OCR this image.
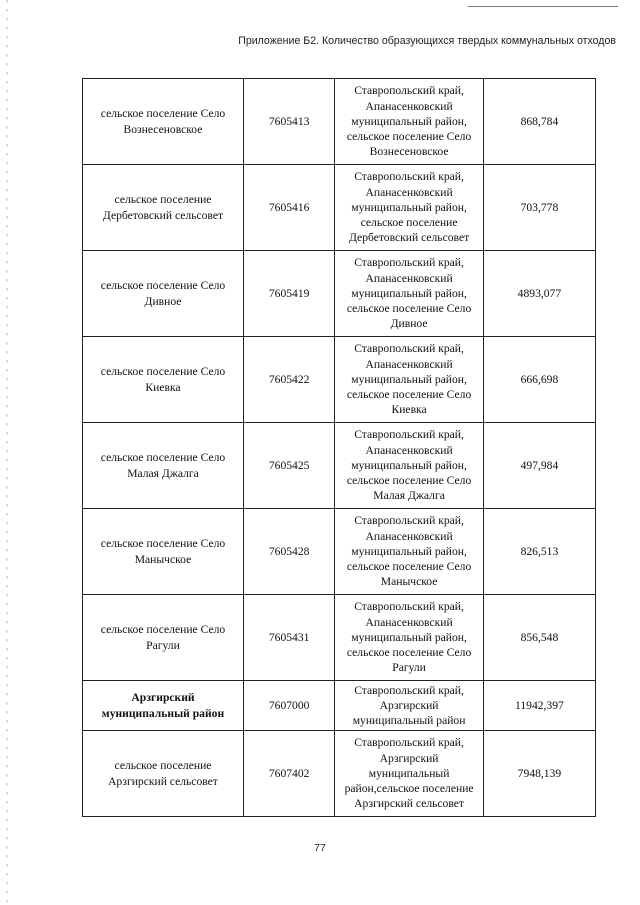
Приложение Б2. Количество образующихся твердых коммунальных отходов
сельское поселение Село Вознесеновское	7605413	Ставропольский край, Апанасенковский муниципальный район, сельское поселение Село Вознесеновское	868,784
сельское поселение Дербетовский сельсовет	7605416	Ставропольский край, Апанасенковский муниципальный район, сельское поселение Дербетовский сельсовет	703,778
сельское поселение Село Дивное	7605419	Ставропольский край, Апанасенковский муниципальный район, сельское поселение Село Дивное	4893,077
сельское поселение Село Киевка	7605422	Ставропольский край, Апанасенковский муниципальный район, сельское поселение Село Киевка	666,698
сельское поселение Село Малая Джалга	7605425	Ставропольский край, Апанасенковский муниципальный район, сельское поселение Село Малая Джалга	497,984
сельское поселение Село Манычское	7605428	Ставропольский край, Апанасенковский муниципальный район, сельское поселение Село Манычское	826,513
сельское поселение Село Рагули	7605431	Ставропольский край, Апанасенковский муниципальный район, сельское поселение Село Рагули	856,548
Арзгирский муниципальный район	7607000	Ставропольский край, Арзгирский муниципальный район	11942,397
сельское поселение Арзгирский сельсовет	7607402	Ставропольский край, Арзгирский муниципальный район,сельское поселение Арзгирский сельсовет	7948,139
77
